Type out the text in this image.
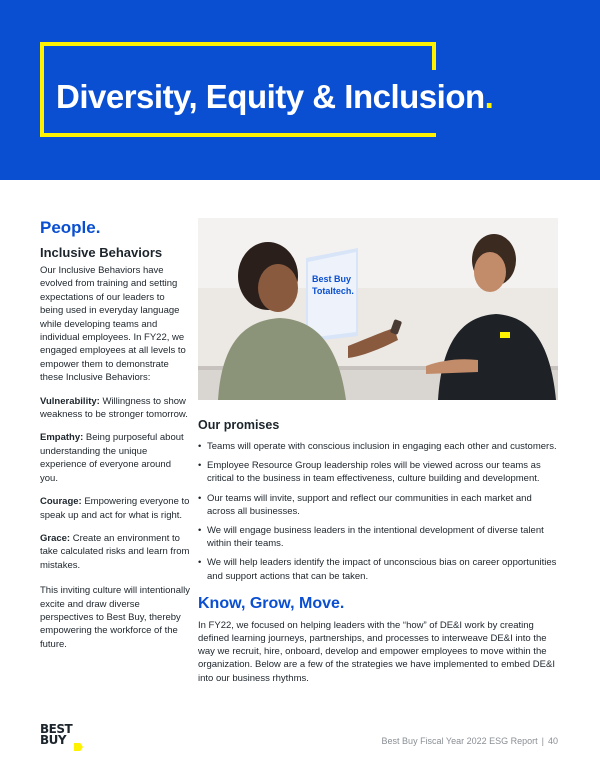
Diversity, Equity & Inclusion.
People.
Inclusive Behaviors

Our Inclusive Behaviors have evolved from training and setting expectations of our leaders to being used in everyday language while developing teams and individual employees. In FY22, we engaged employees at all levels to empower them to demonstrate these Inclusive Behaviors:

Vulnerability: Willingness to show weakness to be stronger tomorrow.

Empathy: Being purposeful about understanding the unique experience of everyone around you.

Courage: Empowering everyone to speak up and act for what is right.

Grace: Create an environment to take calculated risks and learn from mistakes.

This inviting culture will intentionally excite and draw diverse perspectives to Best Buy, thereby empowering the workforce of the future.

Best Buy
Totaltech.
Our promises
• Teams will operate with conscious inclusion in engaging each other and customers.
• Employee Resource Group leadership roles will be viewed across our teams as critical to the business in team effectiveness, culture building and development.
• Our teams will invite, support and reflect our communities in each market and across all businesses.
• We will engage business leaders in the intentional development of diverse talent within their teams.
• We will help leaders identify the impact of unconscious bias on career opportunities and support actions that can be taken.
Know, Grow, Move.

In FY22, we focused on helping leaders with the “how” of DE&I work by creating defined learning journeys, partnerships, and processes to interweave DE&I into the way we recruit, hire, onboard, develop and empower employees to move within the organization. Below are a few of the strategies we have implemented to embed DE&I into our business rhythms.

BEST
BUY	Best Buy Fiscal Year 2022 ESG Report | 40
